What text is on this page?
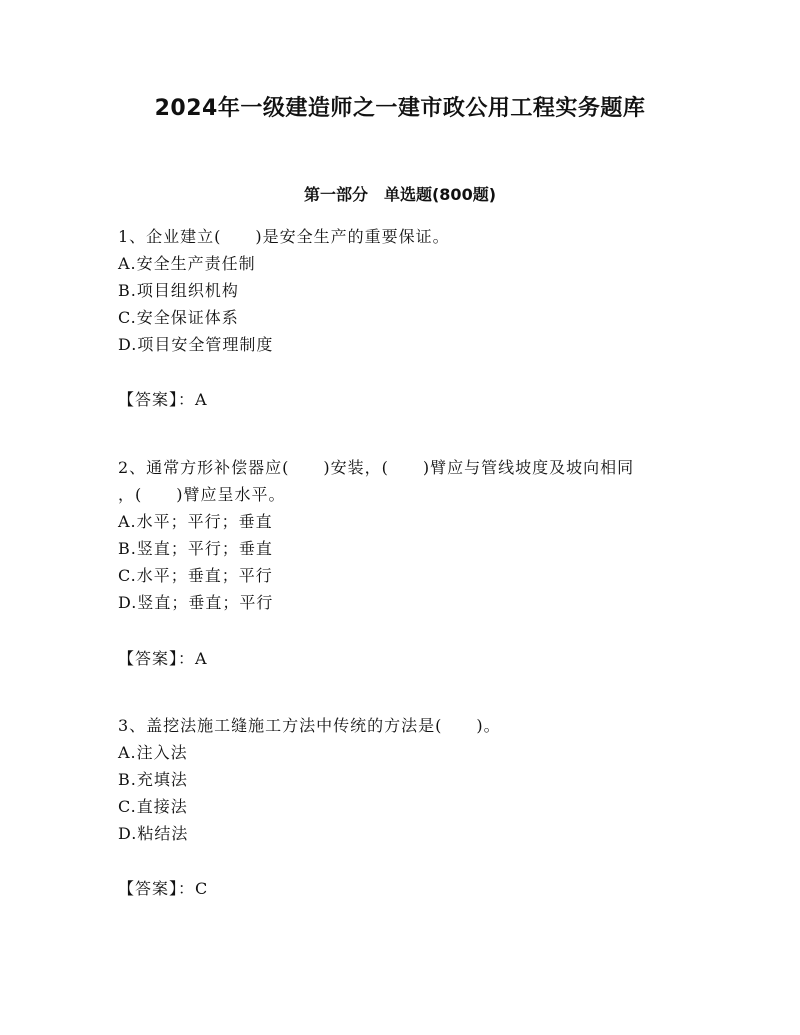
2024年一级建造师之一建市政公用工程实务题库
第一部分　单选题(800题)
1、企业建立(　　)是安全生产的重要保证。
A.安全生产责任制
B.项目组织机构
C.安全保证体系
D.项目安全管理制度
【答案】：A
2、通常方形补偿器应(　　)安装，(　　)臂应与管线坡度及坡向相同
，(　　)臂应呈水平。
A.水平；平行；垂直
B.竖直；平行；垂直
C.水平；垂直；平行
D.竖直；垂直；平行
【答案】：A
3、盖挖法施工缝施工方法中传统的方法是(　　)。
A.注入法
B.充填法
C.直接法
D.粘结法
【答案】：C
